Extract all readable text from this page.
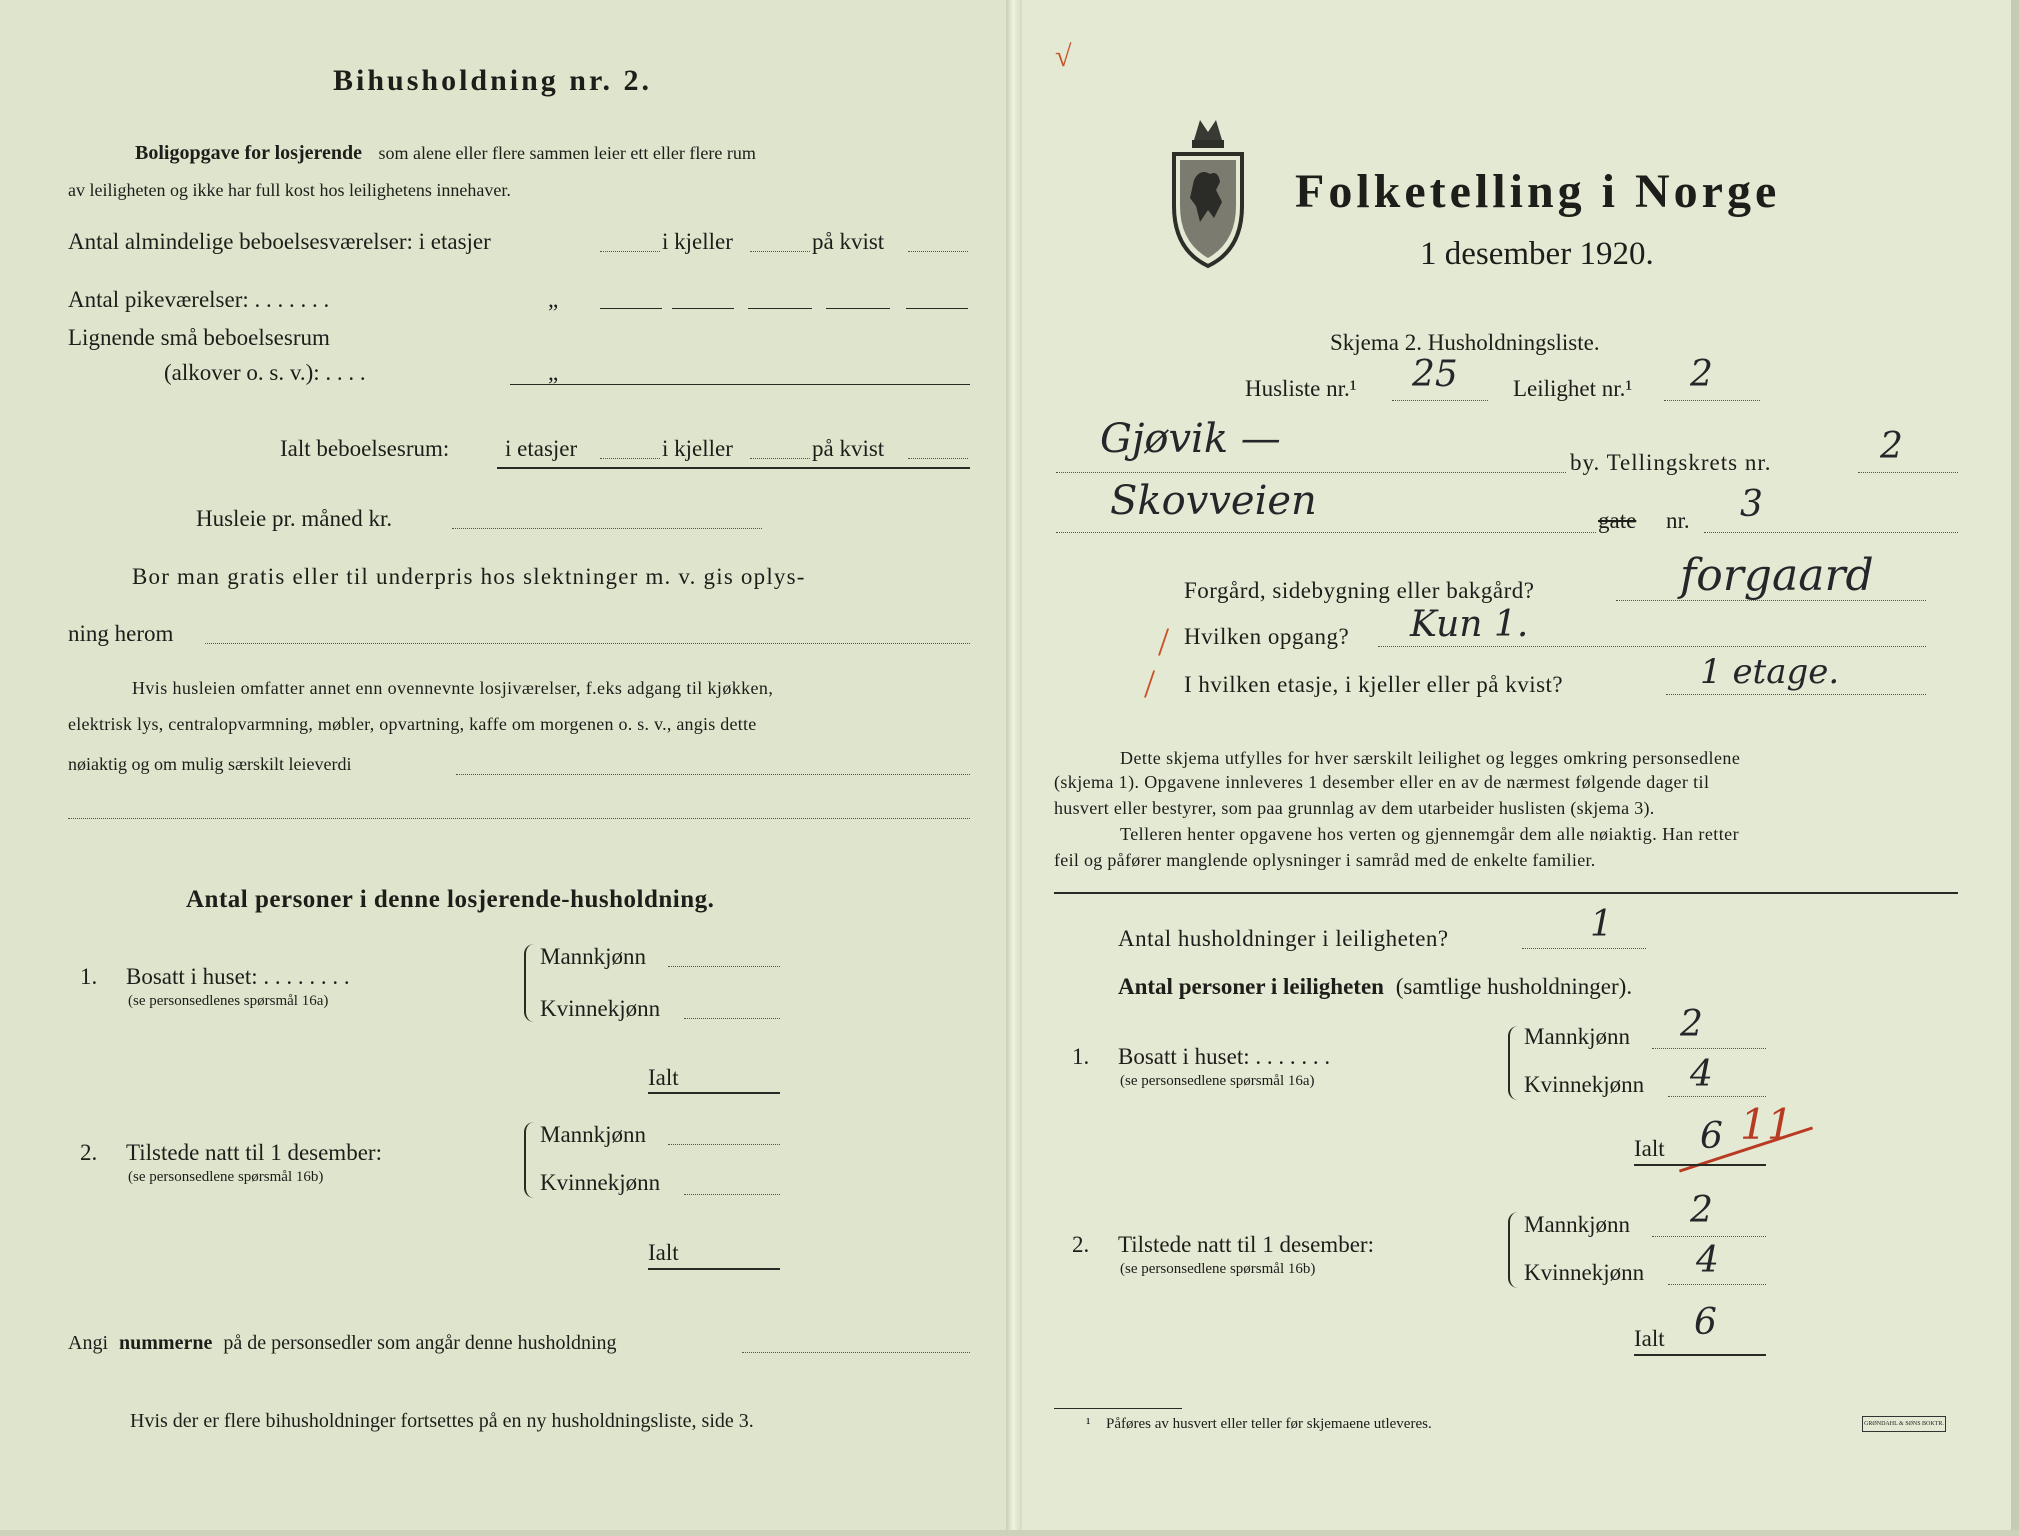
Bihusholdning nr. 2.
Boligopgave for losjerende som alene eller flere sammen leier ett eller flere rum
av leiligheten og ikke har full kost hos leilighetens innehaver.
Antal almindelige beboelsesværelser: i etasjer	i kjeller	på kvist
Antal pikeværelser: . . . . . . .	„
Lignende små beboelsesrum
(alkover o. s. v.): . . . .	„
Ialt beboelsesrum: i etasjer	i kjeller	på kvist
Husleie pr. måned kr.
Bor man gratis eller til underpris hos slektninger m. v. gis oplys-
ning herom
Hvis husleien omfatter annet enn ovennevnte losjiværelser, f.eks adgang til kjøkken,
elektrisk lys, centralopvarmning, møbler, opvartning, kaffe om morgenen o. s. v., angis dette
nøiaktig og om mulig særskilt leieverdi
Antal personer i denne losjerende-husholdning.
1. Bosatt i huset: . . . . . . . .
(se personsedlenes spørsmål 16a)
Mannkjønn
Kvinnekjønn
Ialt
2. Tilstede natt til 1 desember:
(se personsedlene spørsmål 16b)
Mannkjønn
Kvinnekjønn
Ialt
Angi nummerne på de personsedler som angår denne husholdning
Hvis der er flere bihusholdninger fortsettes på en ny husholdningsliste, side 3.
√
Folketelling i Norge
1 desember 1920.
Skjema 2. Husholdningsliste.
Husliste nr.¹ 25 Leilighet nr.¹ 2
Gjøvik —
by. Tellingskrets nr.	2
Skovveien	gate nr. 3
Forgård, sidebygning eller bakgård?	forgaard
/ Hvilken opgang? Kun 1.
/ I hvilken etasje, i kjeller eller på kvist?	1 etage.
Dette skjema utfylles for hver særskilt leilighet og legges omkring personsedlene
(skjema 1). Opgavene innleveres 1 desember eller en av de nærmest følgende dager til
husvert eller bestyrer, som paa grunnlag av dem utarbeider huslisten (skjema 3).
Telleren henter opgavene hos verten og gjennemgår dem alle nøiaktig. Han retter
feil og påfører manglende oplysninger i samråd med de enkelte familier.
Antal husholdninger i leiligheten?	1
Antal personer i leiligheten (samtlige husholdninger).
1. Bosatt i huset: . . . . . . .
(se personsedlene spørsmål 16a)
Mannkjønn 2
Kvinnekjønn 4
Ialt 6 11
2. Tilstede natt til 1 desember:
(se personsedlene spørsmål 16b)
Mannkjønn 2
Kvinnekjønn 4
Ialt 6
¹ Påføres av husvert eller teller før skjemaene utleveres.	GRØNDAHL & SØNS BOKTR.
